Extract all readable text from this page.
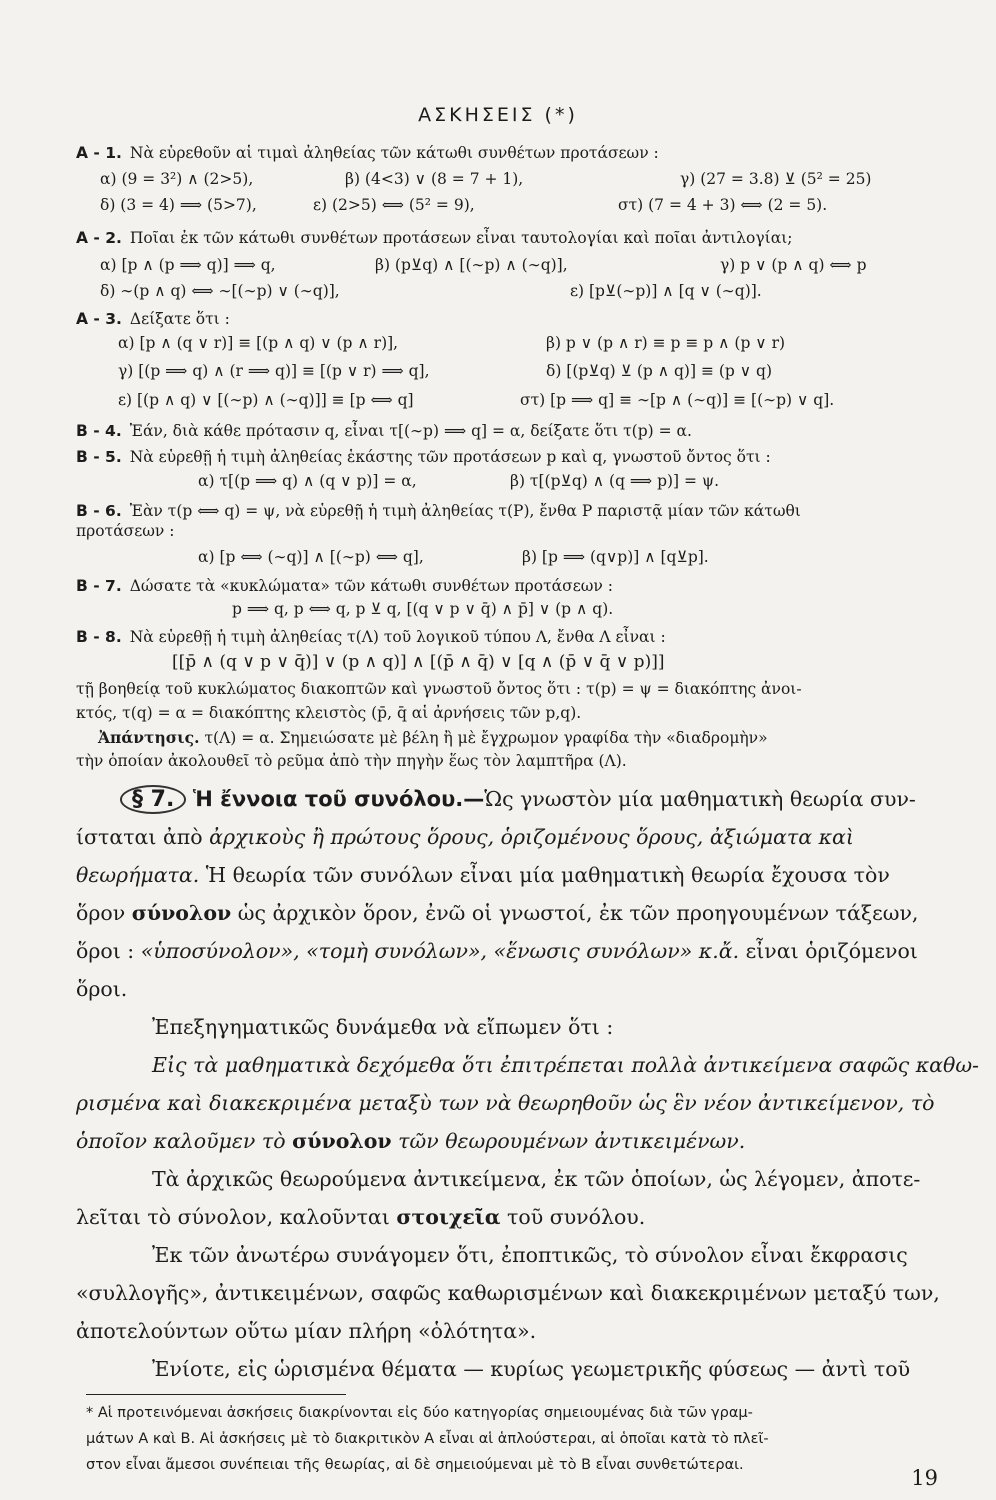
ΑΣΚΗΣΕΙΣ (*)
Α - 1. Νὰ εὑρεθοῦν αἱ τιμαὶ ἀληθείας τῶν κάτωθι συνθέτων προτάσεων :
α) (9 = 3²) ∧ (2>5),	β) (4<3) ∨ (8 = 7 + 1),	γ) (27 = 3.8) ⊻ (5² = 25)
δ) (3 = 4) ⟹ (5>7),	ε) (2>5) ⟺ (5² = 9),	στ) (7 = 4 + 3) ⟺ (2 = 5).
Α - 2. Ποῖαι ἐκ τῶν κάτωθι συνθέτων προτάσεων εἶναι ταυτολογίαι καὶ ποῖαι ἀντιλογίαι;
α) [p ∧ (p ⟹ q)] ⟹ q,	β) (p⊻q) ∧ [(∼p) ∧ (∼q)],	γ) p ∨ (p ∧ q) ⟺ p
δ) ∼(p ∧ q) ⟺ ∼[(∼p) ∨ (∼q)],	ε) [p⊻(∼p)] ∧ [q ∨ (∼q)].
Α - 3. Δείξατε ὅτι :
α) [p ∧ (q ∨ r)] ≡ [(p ∧ q) ∨ (p ∧ r)],	β) p ∨ (p ∧ r) ≡ p ≡ p ∧ (p ∨ r)
γ) [(p ⟹ q) ∧ (r ⟹ q)] ≡ [(p ∨ r) ⟹ q],	δ) [(p⊻q) ⊻ (p ∧ q)] ≡ (p ∨ q)
ε) [(p ∧ q) ∨ [(∼p) ∧ (∼q)]] ≡ [p ⟺ q]	στ) [p ⟹ q] ≡ ∼[p ∧ (∼q)] ≡ [(∼p) ∨ q].
Β - 4. Ἐάν, διὰ κάθε πρότασιν q, εἶναι τ[(∼p) ⟹ q] = α, δείξατε ὅτι τ(p) = α.
Β - 5. Νὰ εὑρεθῇ ἡ τιμὴ ἀληθείας ἑκάστης τῶν προτάσεων p καὶ q, γνωστοῦ ὄντος ὅτι :
α) τ[(p ⟹ q) ∧ (q ∨ p)] = α,	β) τ[(p⊻q) ∧ (q ⟹ p)] = ψ.
Β - 6. Ἐὰν τ(p ⟺ q) = ψ, νὰ εὑρεθῇ ἡ τιμὴ ἀληθείας τ(P), ἔνθα P παριστᾷ μίαν τῶν κάτωθι
προτάσεων :
α) [p ⟺ (∼q)] ∧ [(∼p) ⟺ q],	β) [p ⟹ (q∨p)] ∧ [q⊻p].
Β - 7. Δώσατε τὰ «κυκλώματα» τῶν κάτωθι συνθέτων προτάσεων :
p ⟹ q, p ⟺ q, p ⊻ q, [(q ∨ p ∨ q̄) ∧ p̄] ∨ (p ∧ q).
Β - 8. Νὰ εὑρεθῇ ἡ τιμὴ ἀληθείας τ(Λ) τοῦ λογικοῦ τύπου Λ, ἔνθα Λ εἶναι :
[[p̄ ∧ (q ∨ p ∨ q̄)] ∨ (p ∧ q)] ∧ [(p̄ ∧ q̄) ∨ [q ∧ (p̄ ∨ q̄ ∨ p)]]
τῇ βοηθείᾳ τοῦ κυκλώματος διακοπτῶν καὶ γνωστοῦ ὄντος ὅτι : τ(p) = ψ = διακόπτης ἀνοι-
κτός, τ(q) = α = διακόπτης κλειστὸς (p̄, q̄ αἱ ἀρνήσεις τῶν p,q).
Ἀπάντησις. τ(Λ) = α. Σημειώσατε μὲ βέλη ἢ μὲ ἔγχρωμον γραφίδα τὴν «διαδρομὴν»
τὴν ὁποίαν ἀκολουθεῖ τὸ ρεῦμα ἀπὸ τὴν πηγὴν ἕως τὸν λαμπτῆρα (Λ).
§ 7. Ἡ ἔννοια τοῦ συνόλου.—Ὡς γνωστὸν μία μαθηματικὴ θεωρία συν-
ίσταται ἀπὸ ἀρχικοὺς ἢ πρώτους ὅρους, ὁριζομένους ὅρους, ἀξιώματα καὶ
θεωρήματα. Ἡ θεωρία τῶν συνόλων εἶναι μία μαθηματικὴ θεωρία ἔχουσα τὸν
ὅρον σύνολον ὡς ἀρχικὸν ὅρον, ἐνῶ οἱ γνωστοί, ἐκ τῶν προηγουμένων τάξεων,
ὅροι : «ὑποσύνολον», «τομὴ συνόλων», «ἕνωσις συνόλων» κ.ἄ. εἶναι ὁριζόμενοι
ὅροι.
Ἐπεξηγηματικῶς δυνάμεθα νὰ εἴπωμεν ὅτι :
Εἰς τὰ μαθηματικὰ δεχόμεθα ὅτι ἐπιτρέπεται πολλὰ ἀντικείμενα σαφῶς καθω-
ρισμένα καὶ διακεκριμένα μεταξὺ των νὰ θεωρηθοῦν ὡς ἓν νέον ἀντικείμενον, τὸ
ὁποῖον καλοῦμεν τὸ σύνολον τῶν θεωρουμένων ἀντικειμένων.
Τὰ ἀρχικῶς θεωρούμενα ἀντικείμενα, ἐκ τῶν ὁποίων, ὡς λέγομεν, ἀποτε-
λεῖται τὸ σύνολον, καλοῦνται στοιχεῖα τοῦ συνόλου.
Ἐκ τῶν ἀνωτέρω συνάγομεν ὅτι, ἐποπτικῶς, τὸ σύνολον εἶναι ἔκφρασις
«συλλογῆς», ἀντικειμένων, σαφῶς καθωρισμένων καὶ διακεκριμένων μεταξύ των,
ἀποτελούντων οὕτω μίαν πλήρη «ὁλότητα».
Ἐνίοτε, εἰς ὡρισμένα θέματα — κυρίως γεωμετρικῆς φύσεως — ἀντὶ τοῦ
* Αἱ προτεινόμεναι ἀσκήσεις διακρίνονται εἰς δύο κατηγορίας σημειουμένας διὰ τῶν γραμ-
μάτων Α καὶ Β. Αἱ ἀσκήσεις μὲ τὸ διακριτικὸν Α εἶναι αἱ ἁπλούστεραι, αἱ ὁποῖαι κατὰ τὸ πλεῖ-
στον εἶναι ἄμεσοι συνέπειαι τῆς θεωρίας, αἱ δὲ σημειούμεναι μὲ τὸ Β εἶναι συνθετώτεραι.
19
